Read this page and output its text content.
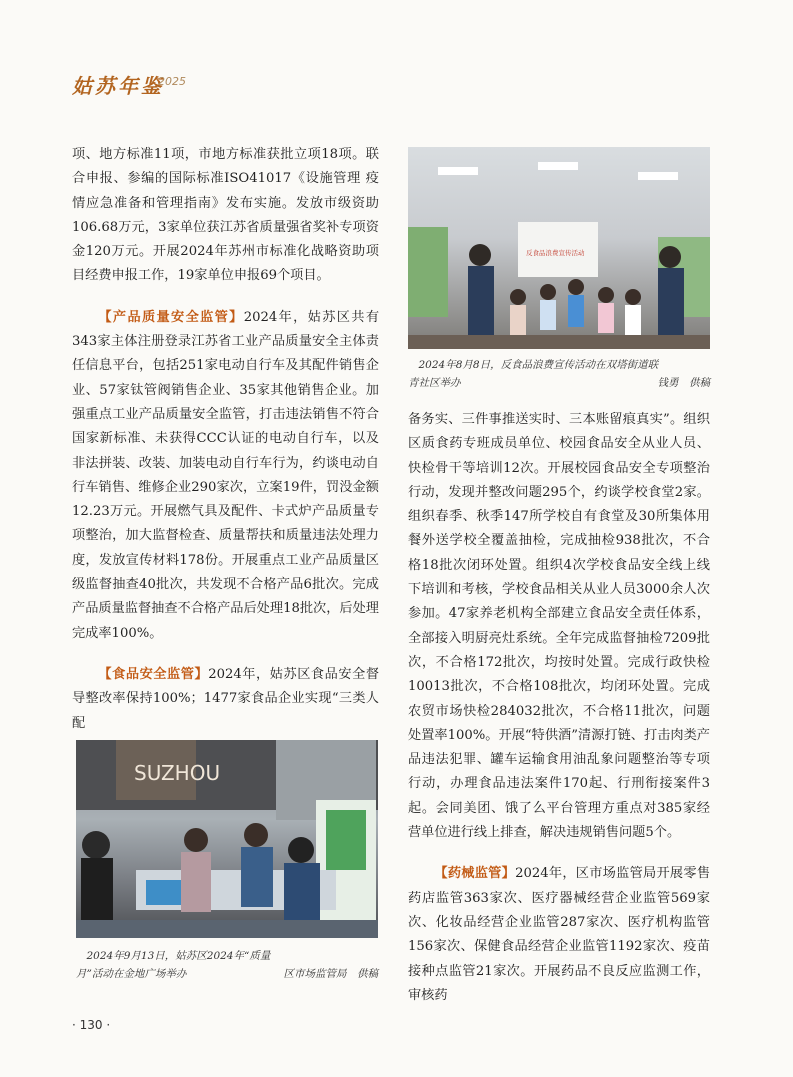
姑苏年鉴
2025

项、地方标准11项，市地方标准获批立项18项。联合申报、参编的国际标准ISO41017《设施管理 疫情应急准备和管理指南》发布实施。发放市级资助106.68万元，3家单位获江苏省质量强省奖补专项资金120万元。开展2024年苏州市标准化战略资助项目经费申报工作，19家单位申报69个项目。

【产品质量安全监管】2024年，姑苏区共有343家主体注册登录江苏省工业产品质量安全主体责任信息平台，包括251家电动自行车及其配件销售企业、57家钛管阀销售企业、35家其他销售企业。加强重点工业产品质量安全监管，打击违法销售不符合国家新标准、未获得CCC认证的电动自行车，以及非法拼装、改装、加装电动自行车行为，约谈电动自行车销售、维修企业290家次，立案19件，罚没金额12.23万元。开展燃气具及配件、卡式炉产品质量专项整治，加大监督检查、质量帮扶和质量违法处理力度，发放宣传材料178份。开展重点工业产品质量区级监督抽查40批次，共发现不合格产品6批次。完成产品质量监督抽查不合格产品后处理18批次，后处理完成率100%。

【食品安全监管】2024年，姑苏区食品安全督导整改率保持100%；1477家食品企业实现“三类人配

SUZHOU
2024年9月13日，姑苏区2024年“质量月”活动在金地广场举办	区市场监管局　供稿
反食品浪费宣传活动
2024年8月8日，反食品浪费宣传活动在双塔街道联青社区举办	钱勇　供稿

备务实、三件事推送实时、三本账留痕真实”。组织区质食药专班成员单位、校园食品安全从业人员、快检骨干等培训12次。开展校园食品安全专项整治行动，发现并整改问题295个，约谈学校食堂2家。组织春季、秋季147所学校自有食堂及30所集体用餐外送学校全覆盖抽检，完成抽检938批次，不合格18批次闭环处置。组织4次学校食品安全线上线下培训和考核，学校食品相关从业人员3000余人次参加。47家养老机构全部建立食品安全责任体系，全部接入明厨亮灶系统。全年完成监督抽检7209批次，不合格172批次，均按时处置。完成行政快检10013批次，不合格108批次，均闭环处置。完成农贸市场快检284032批次，不合格11批次，问题处置率100%。开展“特供酒”清源打链、打击肉类产品违法犯罪、罐车运输食用油乱象问题整治等专项行动，办理食品违法案件170起、行刑衔接案件3起。会同美团、饿了么平台管理方重点对385家经营单位进行线上排查，解决违规销售问题5个。

【药械监管】2024年，区市场监管局开展零售药店监管363家次、医疗器械经营企业监管569家次、化妆品经营企业监管287家次、医疗机构监管156家次、保健食品经营企业监管1192家次、疫苗接种点监管21家次。开展药品不良反应监测工作，审核药

· 130 ·
